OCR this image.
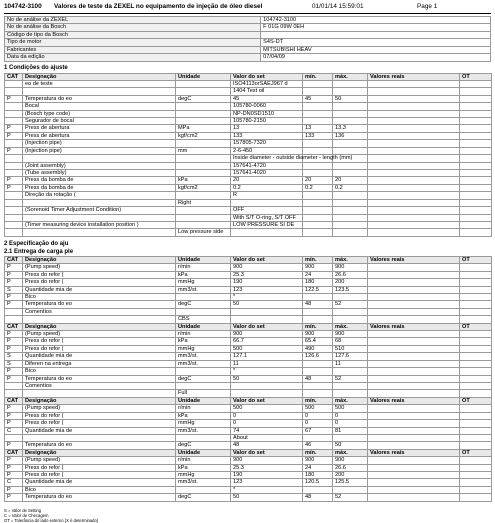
104742-3100	Valores de teste da ZEXEL no equipamento de injeção de óleo diesel	01/01/14 15:59:01	Page 1
No de análise da ZEXEL	104742-3100
No de análise da Bosch	F 01G 09W 0EH
Código de tipo da Bosch	
Tipo de motor	S4S-DT
Fabricantes	MITSUBISHI HEAV
Data da edição	07/04/09
1 Condições do ajuste
CAT	Designação	Unidade	Valor do set	mín.	máx.	Valores reais	OT
	eo de teste		ISO4113orSAEJ967 d				
			1404 Test oil				
P	Temperatura do eo	degC	45	45	50		
	Bocal		105780-0060				
	(Bosch type code)		NP-DN0SD1510				
	Segurador de bocal		105780-2150				
P	Press de abertura	MPa	13	13	13.3		
P	Press de abertura	kgf/cm2	133	133	136		
	(Injection pipe)		157805-7320				
P	(Injection pipe)	mm	2-6-450				
			Inside diameter - outside diameter - length (mm)				
	(Joint assembly)		157641-4720				
	(Tube assembly)		157641-4020				
P	Press da bomba de	kPa	20	20	20		
P	Press da bomba de	kgf/cm2	0.2	0.2	0.2		
	Direção da rotação (		R				
		Right					
	(Sorenoid Timer Adjustment Condition)		OFF				
			With S/T O-ring, S/T OFF				
	(Timer measuring device installation position )		LOW PRESSURE SI DE				
		Low pressure side					
2 Especificação do aju
2.1 Entrega de carga ple
CAT	Designação	Unidade	Valor do set	mín.	máx.	Valores reais	OT
P	(Pump speed)	r/min	900	900	900		
P	Press do refor (	kPa	25.3	24	26.6		
P	Press do refor (	mmHg	190	180	200		
S	Quantidade mia de	mm3/st.	123	122.5	123.5		
P	Bico		*				
P	Temperatura do eo	degC	50	48	52		
	Comentios						
		CBS					
CAT	Designação	Unidade	Valor do set	mín.	máx.	Valores reais	OT
P	(Pump speed)	r/min	900	900	900		
P	Press do refor (	kPa	66.7	65.4	68		
P	Press do refor (	mmHg	500	490	510		
S	Quantidade mia de	mm3/st.	127.1	126.6	127.6		
S	Diferen na entrega	mm3/st.	11		11		
P	Bico		*				
P	Temperatura do eo	degC	50	48	52		
	Comentios						
		Full					
CAT	Designação	Unidade	Valor do set	mín.	máx.	Valores reais	OT
P	(Pump speed)	r/min	500	500	500		
P	Press do refor (	kPa	0	0	0		
P	Press do refor (	mmHg	0	0	0		
C	Quantidade mia de	mm3/st.	74	67	81		
			About				
P	Temperatura do eo	degC	48	46	50		
CAT	Designação	Unidade	Valor do set	mín.	máx.	Valores reais	OT
P	(Pump speed)	r/min	900	900	900		
P	Press do refor (	kPa	25.3	24	26.6		
P	Press do refor (	mmHg	190	180	200		
C	Quantidade mia de	mm3/st.	123	120.5	125.5		
P	Bico		*				
P	Temperatura do eo	degC	50	48	52		
S = Valor de Setting
C = Valor de Checagem
OT = Tolerância do lado externo (X é determinado)
